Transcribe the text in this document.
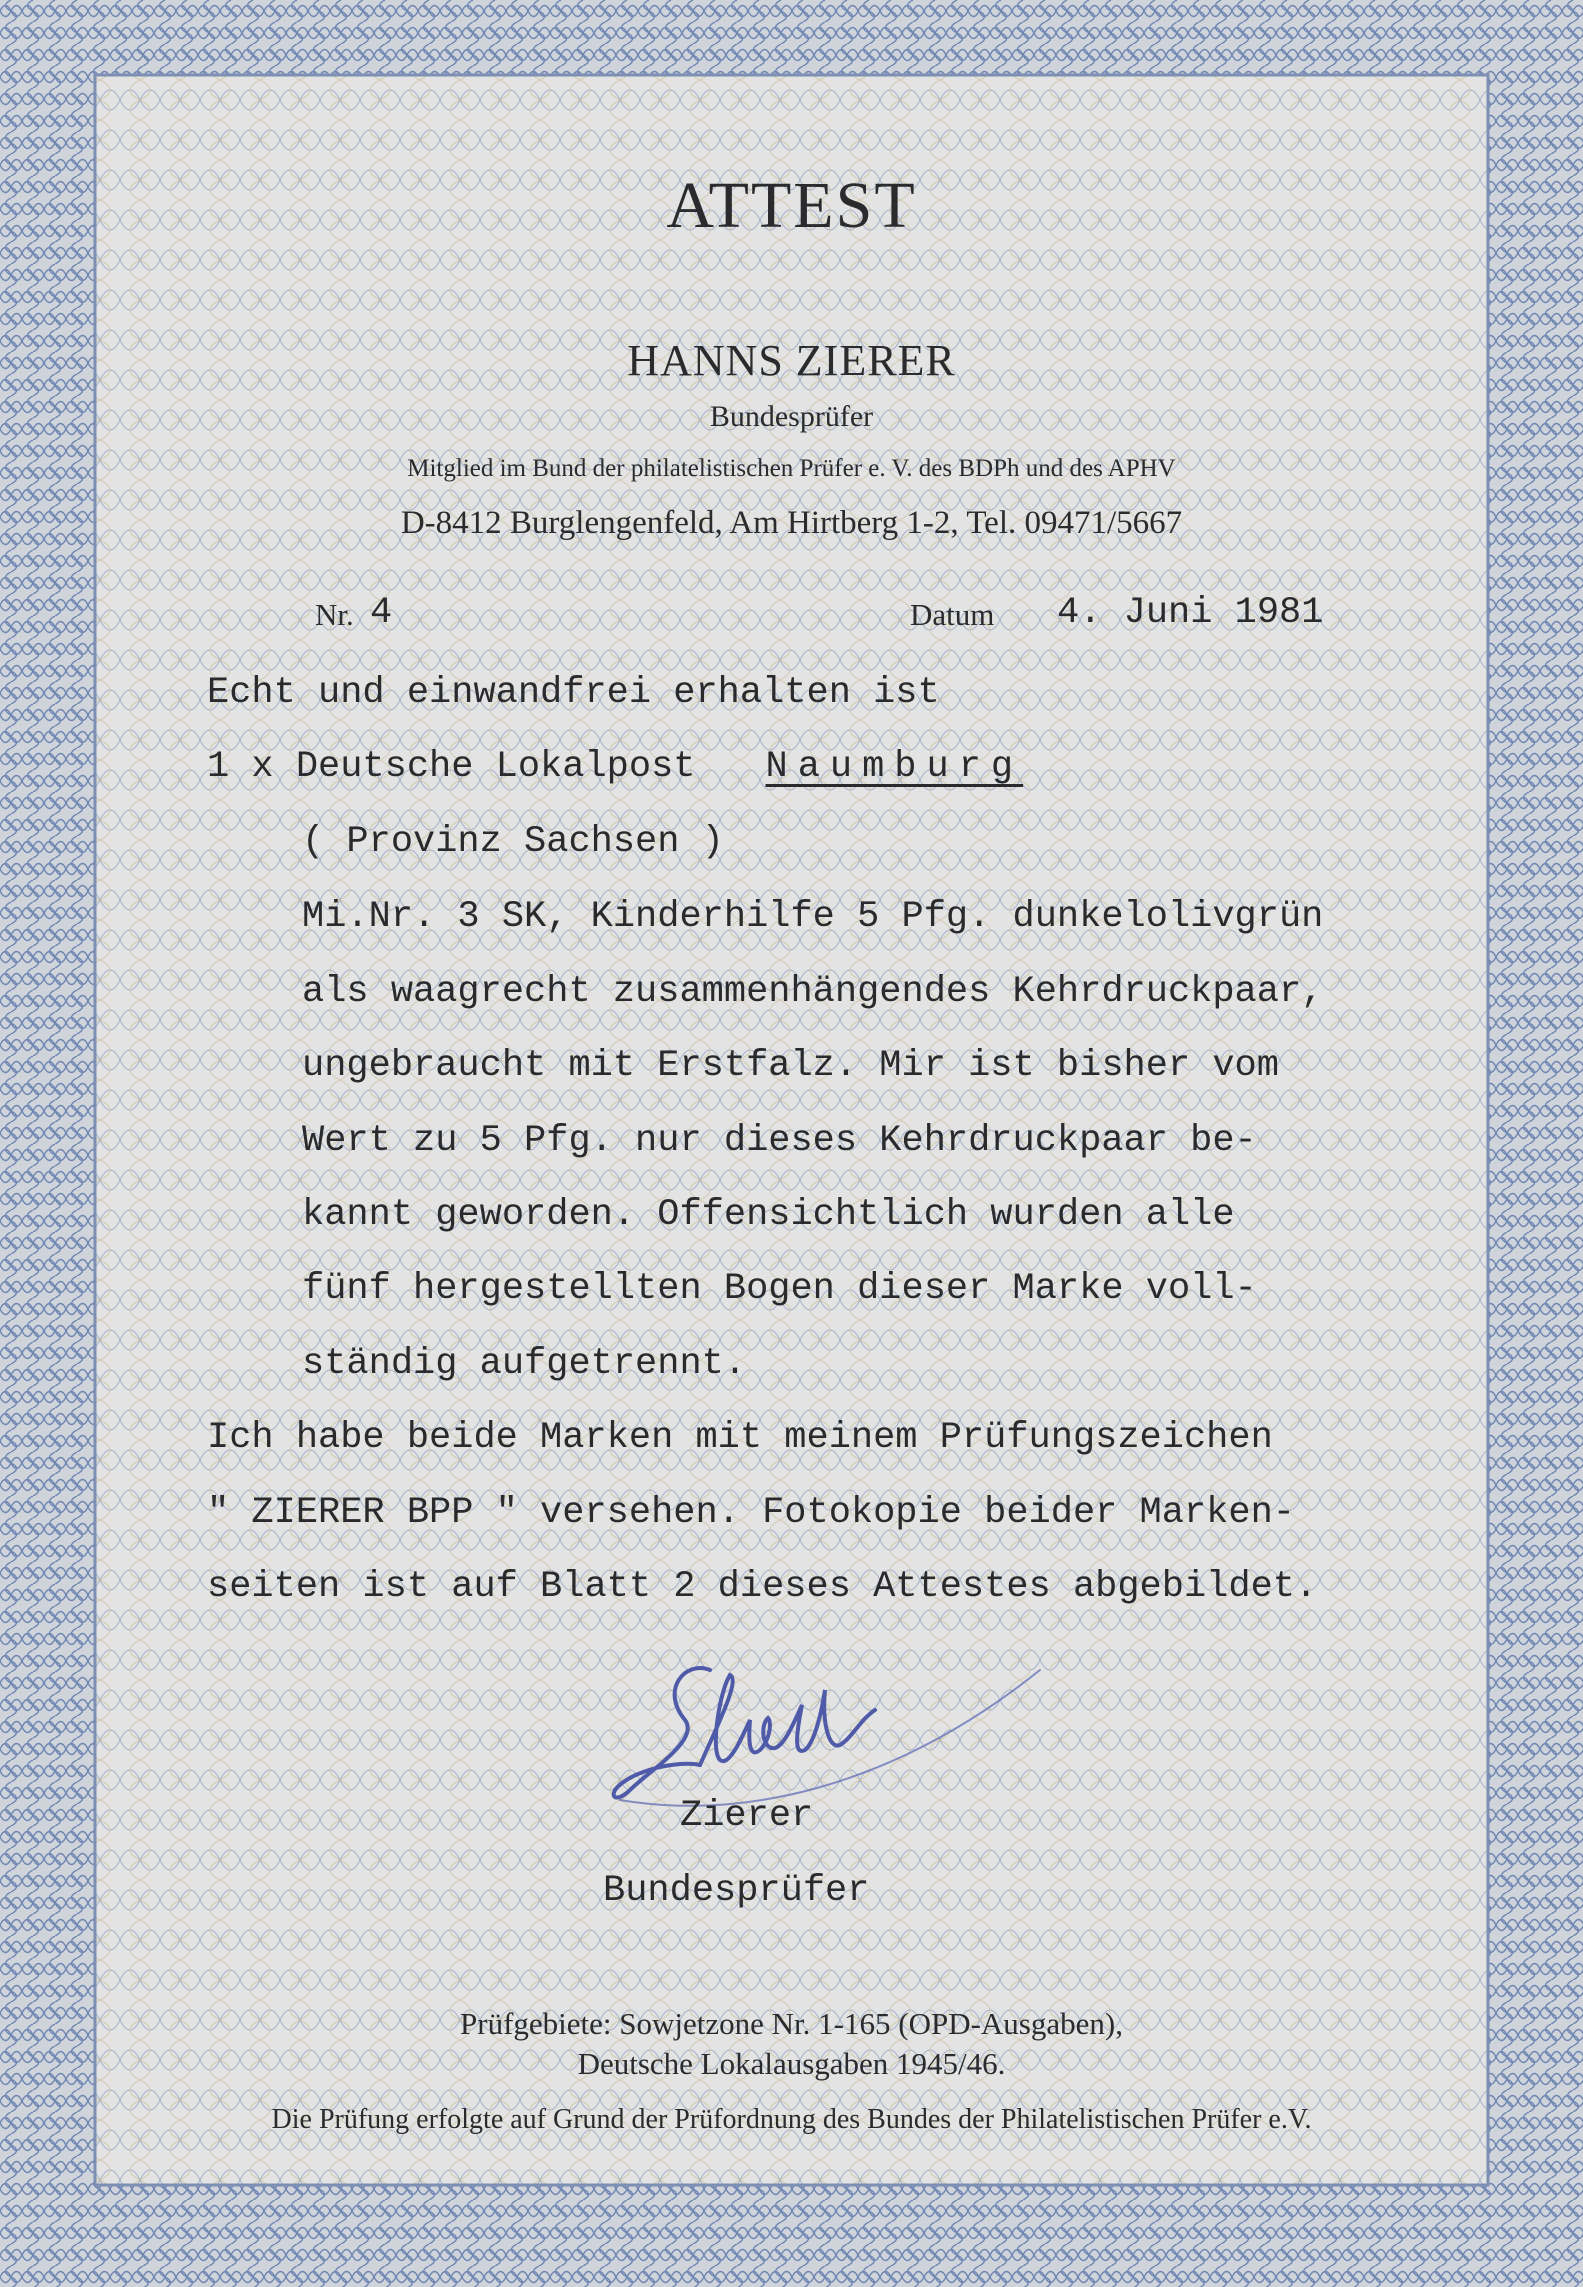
ATTEST
HANNS ZIERER
Bundesprüfer
Mitglied im Bund der philatelistischen Prüfer e. V. des BDPh und des APHV
D-8412 Burglengenfeld, Am Hirtberg 1-2, Tel. 09471/5667
Nr. 4	Datum 4. Juni 1981
Echt und einwandfrei erhalten ist
1 x Deutsche Lokalpost Naumburg
( Provinz Sachsen )
Mi.Nr. 3 SK, Kinderhilfe 5 Pfg. dunkelolivgrün
als waagrecht zusammenhängendes Kehrdruckpaar,
ungebraucht mit Erstfalz. Mir ist bisher vom
Wert zu 5 Pfg. nur dieses Kehrdruckpaar be-
kannt geworden. Offensichtlich wurden alle
fünf hergestellten Bogen dieser Marke voll-
ständig aufgetrennt.
Ich habe beide Marken mit meinem Prüfungszeichen
" ZIERER BPP " versehen. Fotokopie beider Marken-
seiten ist auf Blatt 2 dieses Attestes abgebildet.
Zierer
Bundesprüfer
Prüfgebiete: Sowjetzone Nr. 1-165 (OPD-Ausgaben),
Deutsche Lokalausgaben 1945/46.
Die Prüfung erfolgte auf Grund der Prüfordnung des Bundes der Philatelistischen Prüfer e.V.
